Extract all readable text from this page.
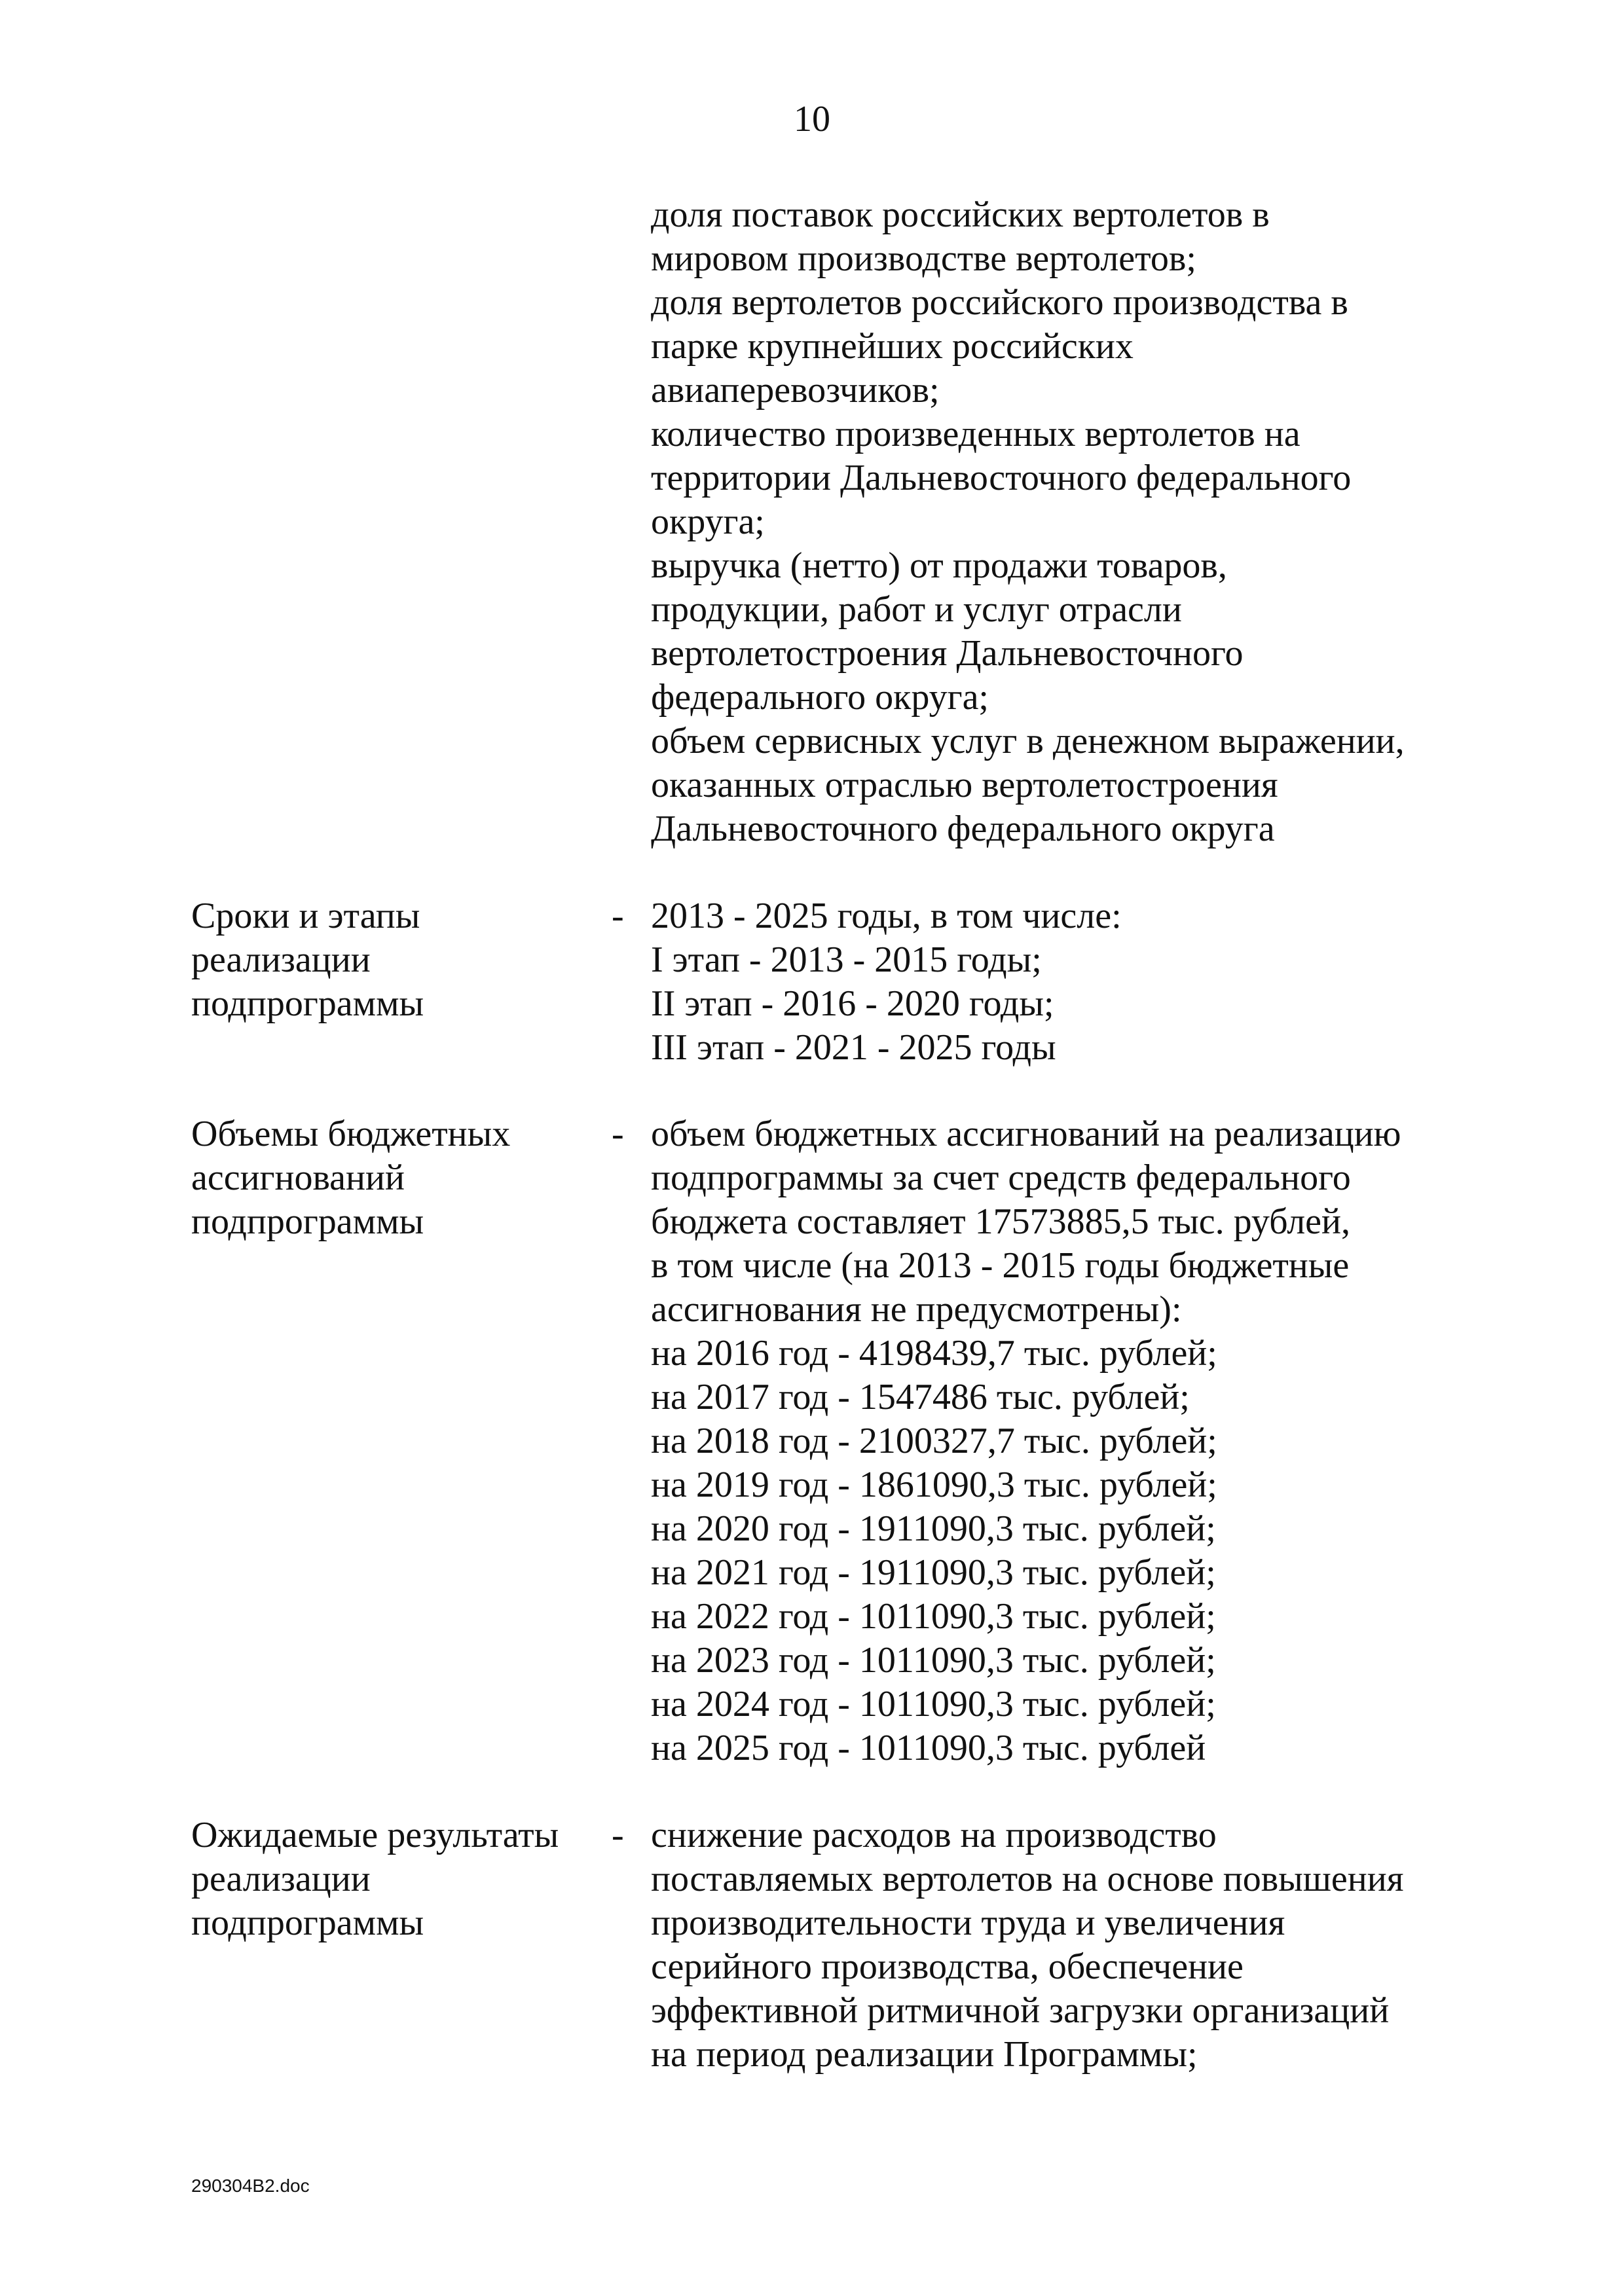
10
доля поставок российских вертолетов в
мировом производстве вертолетов;
доля вертолетов российского производства в
парке крупнейших российских
авиаперевозчиков;
количество произведенных вертолетов на
территории Дальневосточного федерального
округа;
выручка (нетто) от продажи товаров,
продукции, работ и услуг отрасли
вертолетостроения Дальневосточного
федерального округа;
объем сервисных услуг в денежном выражении,
оказанных отраслью вертолетостроения
Дальневосточного федерального округа
Сроки и этапы
реализации
подпрограммы
- 2013 - 2025 годы, в том числе:
I этап - 2013 - 2015 годы;
II этап - 2016 - 2020 годы;
III этап - 2021 - 2025 годы
Объемы бюджетных
ассигнований
подпрограммы
- объем бюджетных ассигнований на реализацию
подпрограммы за счет средств федерального
бюджета составляет 17573885,5 тыс. рублей,
в том числе (на 2013 - 2015 годы бюджетные
ассигнования не предусмотрены):
на 2016 год - 4198439,7 тыс. рублей;
на 2017 год - 1547486 тыс. рублей;
на 2018 год - 2100327,7 тыс. рублей;
на 2019 год - 1861090,3 тыс. рублей;
на 2020 год - 1911090,3 тыс. рублей;
на 2021 год - 1911090,3 тыс. рублей;
на 2022 год - 1011090,3 тыс. рублей;
на 2023 год - 1011090,3 тыс. рублей;
на 2024 год - 1011090,3 тыс. рублей;
на 2025 год - 1011090,3 тыс. рублей
Ожидаемые результаты
реализации
подпрограммы
- снижение расходов на производство
поставляемых вертолетов на основе повышения
производительности труда и увеличения
серийного производства, обеспечение
эффективной ритмичной загрузки организаций
на период реализации Программы;
290304B2.doc
